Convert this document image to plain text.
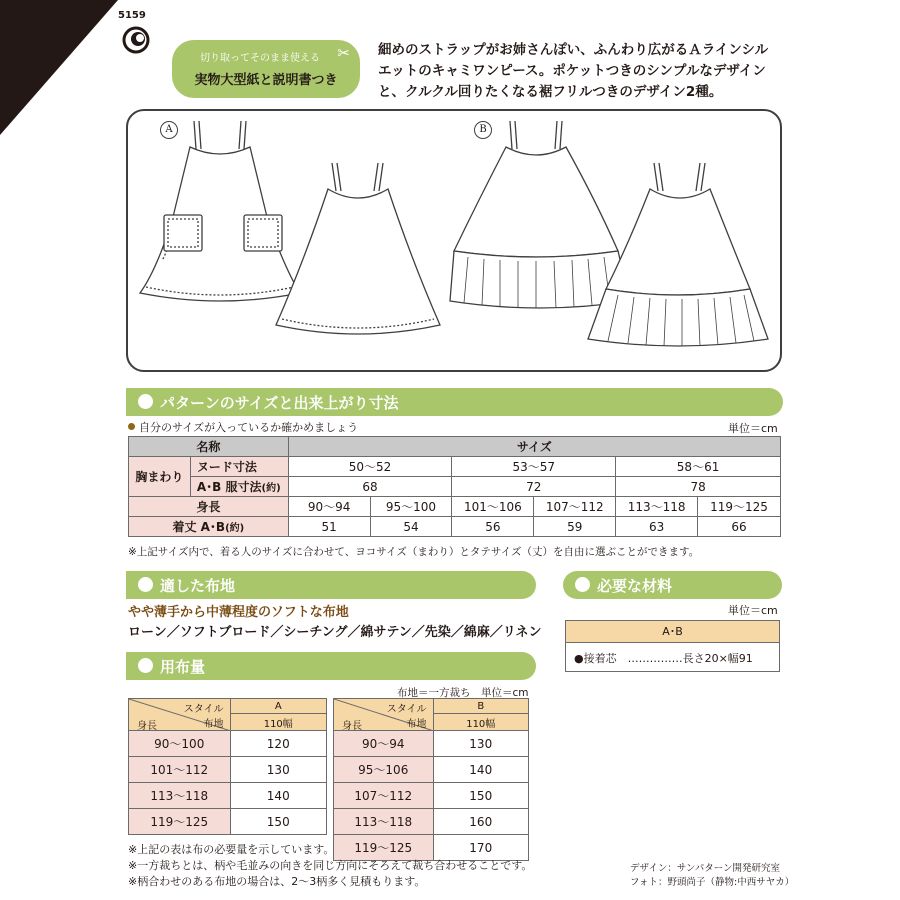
5159
切り取ってそのまま使える	✂
実物大型紙と説明書つき
細めのストラップがお姉さんぽい、ふんわり広がるＡラインシル
エットのキャミワンピース。ポケットつきのシンプルなデザイン
と、クルクル回りたくなる裾フリルつきのデザイン2種。
A	B
パターンのサイズと出来上がり寸法
自分のサイズが入っているか確かめましょう	単位＝cm
名称		サイズ					
胸まわり	ヌード寸法	50〜52		53〜57		58〜61	
	A･B 服寸法(約)	68		72		78	
身長		90〜94	95〜100	101〜106	107〜112	113〜118	119〜125
着丈 A･B(約)		51	54	56	59	63	66
※上記サイズ内で、着る人のサイズに合わせて、ヨコサイズ（まわり）とタテサイズ（丈）を自由に選ぶことができます。
適した布地
やや薄手から中薄程度のソフトな布地
ローン／ソフトブロード／シーチング／綿サテン／先染／綿麻／リネン
必要な材料
単位＝cm
A･B
●接着芯　……………長さ20×幅91
用布量
布地＝一方裁ち　単位＝cm
スタイル
布地
身長	A
	110幅
90〜100	120
101〜112	130
113〜118	140
119〜125	150
スタイル
布地
身長	B
	110幅
90〜94	130
95〜106	140
107〜112	150
113〜118	160
119〜125	170
※上記の表は布の必要量を示しています。
※一方裁ちとは、柄や毛並みの向きを同じ方向にそろえて裁ち合わせることです。
※柄合わせのある布地の場合は、2〜3柄多く見積もります。
デザイン：サンパターン開発研究室
フォト：野頭尚子（静物:中西サヤカ）
